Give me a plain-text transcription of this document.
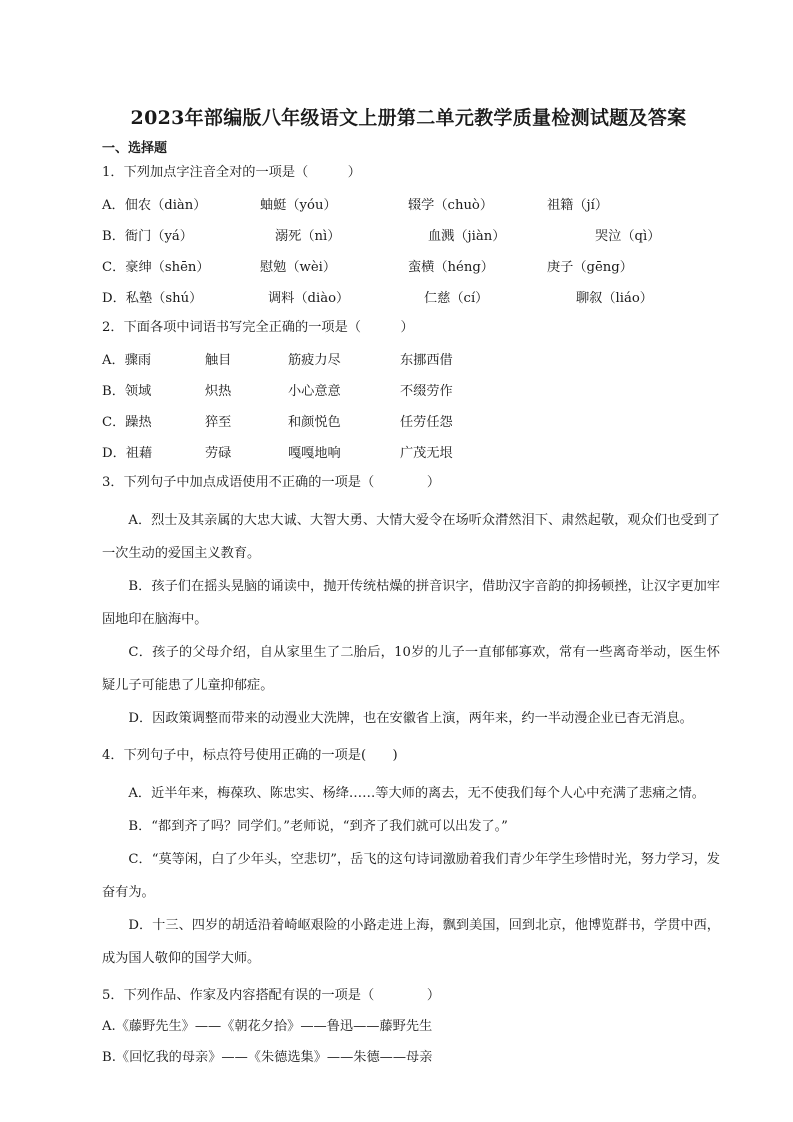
2023年部编版八年级语文上册第二单元教学质量检测试题及答案
一、选择题
1．下列加点字注音全对的一项是（　　　）
A．佃农（diàn）	蚰蜓（yóu）	辍学（chuò）	祖籍（jí）
B．衙门（yá）	溺死（nì）	血溅（jiàn）	哭泣（qì）
C．豪绅（shēn）	慰勉（wèi）	蛮横（héng）	庚子（gēng）
D．私塾（shú）	调料（diào）	仁慈（cí）	聊叙（liáo）
2．下面各项中词语书写完全正确的一项是（　　　）
A．骤雨	触目	筋疲力尽	东挪西借
B．领域	炽热	小心意意	不缀劳作
C．躁热	猝至	和颜悦色	任劳任怨
D．祖藉	劳碌	嘎嘎地响	广茂无垠
3．下列句子中加点成语使用不正确的一项是（　　　　）

A．烈士及其亲属的大忠大诚、大智大勇、大情大爱令在场听众潸然泪下、肃然起敬，观众们也受到了一次生动的爱国主义教育。

B．孩子们在摇头晃脑的诵读中，抛开传统枯燥的拼音识字，借助汉字音韵的抑扬顿挫，让汉字更加牢固地印在脑海中。

C．孩子的父母介绍，自从家里生了二胎后，10岁的儿子一直郁郁寡欢，常有一些离奇举动，医生怀疑儿子可能患了儿童抑郁症。

D．因政策调整而带来的动漫业大洗牌，也在安徽省上演，两年来，约一半动漫企业已杳无消息。

4．下列句子中，标点符号使用正确的一项是(　　)

A．近半年来，梅葆玖、陈忠实、杨绛……等大师的离去，无不使我们每个人心中充满了悲痛之情。

B．“都到齐了吗？同学们。”老师说，“到齐了我们就可以出发了。”

C．“莫等闲，白了少年头，空悲切”，岳飞的这句诗词激励着我们青少年学生珍惜时光，努力学习，发奋有为。

D．十三、四岁的胡适沿着崎岖艰险的小路走进上海，飘到美国，回到北京，他博览群书，学贯中西，成为国人敬仰的国学大师。

5．下列作品、作家及内容搭配有误的一项是（　　　　）
A.《藤野先生》——《朝花夕拾》——鲁迅——藤野先生
B.《回忆我的母亲》——《朱德选集》——朱德——母亲
